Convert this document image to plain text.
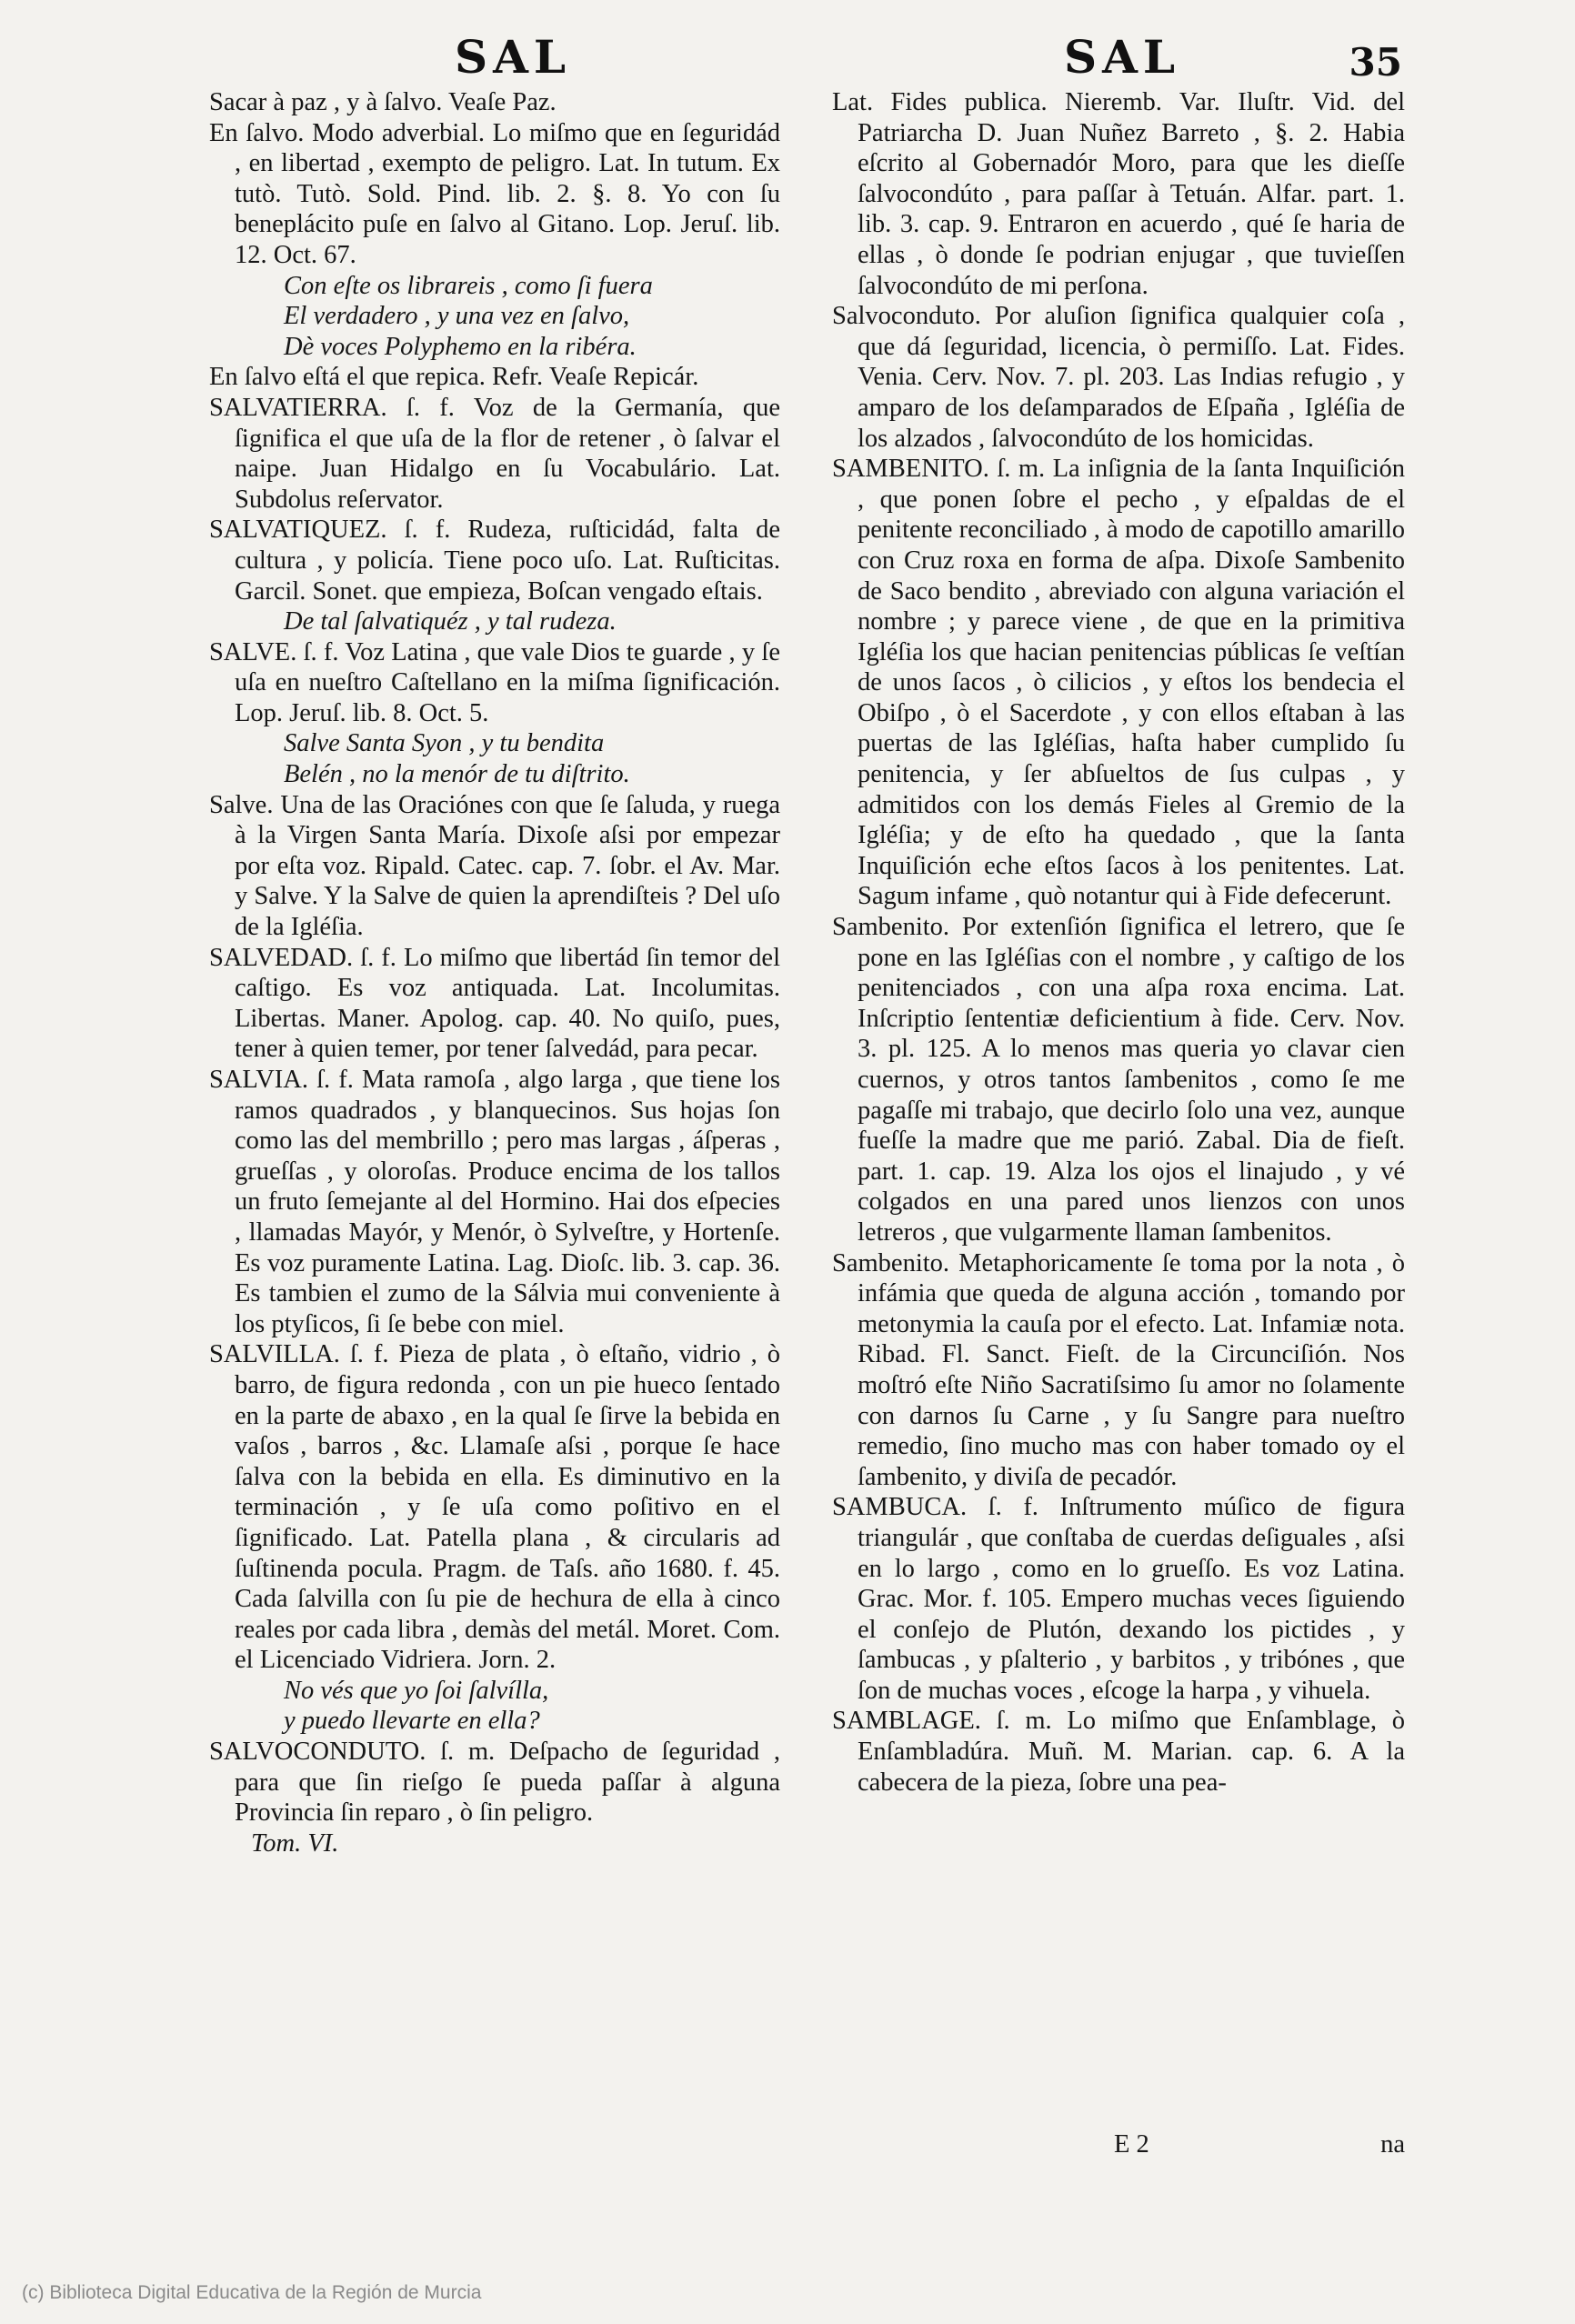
SAL	SAL	35

Sacar à paz , y à ſalvo. Veaſe Paz.

En ſalvo. Modo adverbial. Lo miſmo que en ſeguridád , en libertad , exempto de peligro. Lat. In tutum. Ex tutò. Tutò. Sold. Pind. lib. 2. §. 8. Yo con ſu beneplácito puſe en ſalvo al Gitano. Lop. Jeruſ. lib. 12. Oct. 67.

Con eſte os librareis , como ſi fuera

El verdadero , y una vez en ſalvo,

Dè voces Polyphemo en la ribéra.

En ſalvo eſtá el que repica. Refr. Veaſe Repicár.

SALVATIERRA. ſ. f. Voz de la Germanía, que ſignifica el que uſa de la flor de retener , ò ſalvar el naipe. Juan Hidalgo en ſu Vocabulário. Lat. Subdolus reſervator.

SALVATIQUEZ. ſ. f. Rudeza, ruſticidád, falta de cultura , y policía. Tiene poco uſo. Lat. Ruſticitas. Garcil. Sonet. que empieza, Boſcan vengado eſtais.

De tal ſalvatiquéz , y tal rudeza.

SALVE. ſ. f. Voz Latina , que vale Dios te guarde , y ſe uſa en nueſtro Caſtellano en la miſma ſignificación. Lop. Jeruſ. lib. 8. Oct. 5.

Salve Santa Syon , y tu bendita

Belén , no la menór de tu diſtrito.

Salve. Una de las Oraciónes con que ſe ſaluda, y ruega à la Virgen Santa María. Dixoſe aſsi por empezar por eſta voz. Ripald. Catec. cap. 7. ſobr. el Av. Mar. y Salve. Y la Salve de quien la aprendiſteis ? Del uſo de la Igléſia.

SALVEDAD. ſ. f. Lo miſmo que libertád ſin temor del caſtigo. Es voz antiquada. Lat. Incolumitas. Libertas. Maner. Apolog. cap. 40. No quiſo, pues, tener à quien temer, por tener ſalvedád, para pecar.

SALVIA. ſ. f. Mata ramoſa , algo larga , que tiene los ramos quadrados , y blanquecinos. Sus hojas ſon como las del membrillo ; pero mas largas , áſperas , grueſſas , y oloroſas. Produce encima de los tallos un fruto ſemejante al del Hormino. Hai dos eſpecies , llamadas Mayór, y Menór, ò Sylveſtre, y Hortenſe. Es voz puramente Latina. Lag. Dioſc. lib. 3. cap. 36. Es tambien el zumo de la Sálvia mui conveniente à los ptyſicos, ſi ſe bebe con miel.

SALVILLA. ſ. f. Pieza de plata , ò eſtaño, vidrio , ò barro, de figura redonda , con un pie hueco ſentado en la parte de abaxo , en la qual ſe ſirve la bebida en vaſos , barros , &c. Llamaſe aſsi , porque ſe hace ſalva con la bebida en ella. Es diminutivo en la terminación , y ſe uſa como poſitivo en el ſignificado. Lat. Patella plana , & circularis ad ſuſtinenda pocula. Pragm. de Taſs. año 1680. f. 45. Cada ſalvilla con ſu pie de hechura de ella à cinco reales por cada libra , demàs del metál. Moret. Com. el Licenciado Vidriera. Jorn. 2.

No vés que yo ſoi ſalvílla,

y puedo llevarte en ella?

SALVOCONDUTO. ſ. m. Deſpacho de ſeguridad , para que ſin rieſgo ſe pueda paſſar à alguna Provincia ſin reparo , ò ſin peligro.

Tom. VI.

Lat. Fides publica. Nieremb. Var. Iluſtr. Vid. del Patriarcha D. Juan Nuñez Barreto , §. 2. Habia eſcrito al Gobernadór Moro, para que les dieſſe ſalvocondúto , para paſſar à Tetuán. Alfar. part. 1. lib. 3. cap. 9. Entraron en acuerdo , qué ſe haria de ellas , ò donde ſe podrian enjugar , que tuvieſſen ſalvocondúto de mi perſona.

Salvoconduto. Por aluſion ſignifica qualquier coſa , que dá ſeguridad, licencia, ò permiſſo. Lat. Fides. Venia. Cerv. Nov. 7. pl. 203. Las Indias refugio , y amparo de los deſamparados de Eſpaña , Igléſia de los alzados , ſalvocondúto de los homicidas.

SAMBENITO. ſ. m. La inſignia de la ſanta Inquiſición , que ponen ſobre el pecho , y eſpaldas de el penitente reconciliado , à modo de capotillo amarillo con Cruz roxa en forma de aſpa. Dixoſe Sambenito de Saco bendito , abreviado con alguna variación el nombre ; y parece viene , de que en la primitiva Igléſia los que hacian penitencias públicas ſe veſtían de unos ſacos , ò cilicios , y eſtos los bendecia el Obiſpo , ò el Sacerdote , y con ellos eſtaban à las puertas de las Igléſias, haſta haber cumplido ſu penitencia, y ſer abſueltos de ſus culpas , y admitidos con los demás Fieles al Gremio de la Igléſia; y de eſto ha quedado , que la ſanta Inquiſición eche eſtos ſacos à los penitentes. Lat. Sagum infame , quò notantur qui à Fide defecerunt.

Sambenito. Por extenſión ſignifica el letrero, que ſe pone en las Igléſias con el nombre , y caſtigo de los penitenciados , con una aſpa roxa encima. Lat. Inſcriptio ſententiæ deficientium à fide. Cerv. Nov. 3. pl. 125. A lo menos mas queria yo clavar cien cuernos, y otros tantos ſambenitos , como ſe me pagaſſe mi trabajo, que decirlo ſolo una vez, aunque fueſſe la madre que me parió. Zabal. Dia de fieſt. part. 1. cap. 19. Alza los ojos el linajudo , y vé colgados en una pared unos lienzos con unos letreros , que vulgarmente llaman ſambenitos.

Sambenito. Metaphoricamente ſe toma por la nota , ò infámia que queda de alguna acción , tomando por metonymia la cauſa por el efecto. Lat. Infamiæ nota. Ribad. Fl. Sanct. Fieſt. de la Circunciſión. Nos moſtró eſte Niño Sacratiſsimo ſu amor no ſolamente con darnos ſu Carne , y ſu Sangre para nueſtro remedio, ſino mucho mas con haber tomado oy el ſambenito, y diviſa de pecadór.

SAMBUCA. ſ. f. Inſtrumento múſico de figura triangulár , que conſtaba de cuerdas deſiguales , aſsi en lo largo , como en lo grueſſo. Es voz Latina. Grac. Mor. f. 105. Empero muchas veces ſiguiendo el conſejo de Plutón, dexando los pictides , y ſambucas , y pſalterio , y barbitos , y tribónes , que ſon de muchas voces , eſcoge la harpa , y vihuela.

SAMBLAGE. ſ. m. Lo miſmo que Enſamblage, ò Enſambladúra. Muñ. M. Marian. cap. 6. A la cabecera de la pieza, ſobre una pea-

E 2	na
(c) Biblioteca Digital Educativa de la Región de Murcia
